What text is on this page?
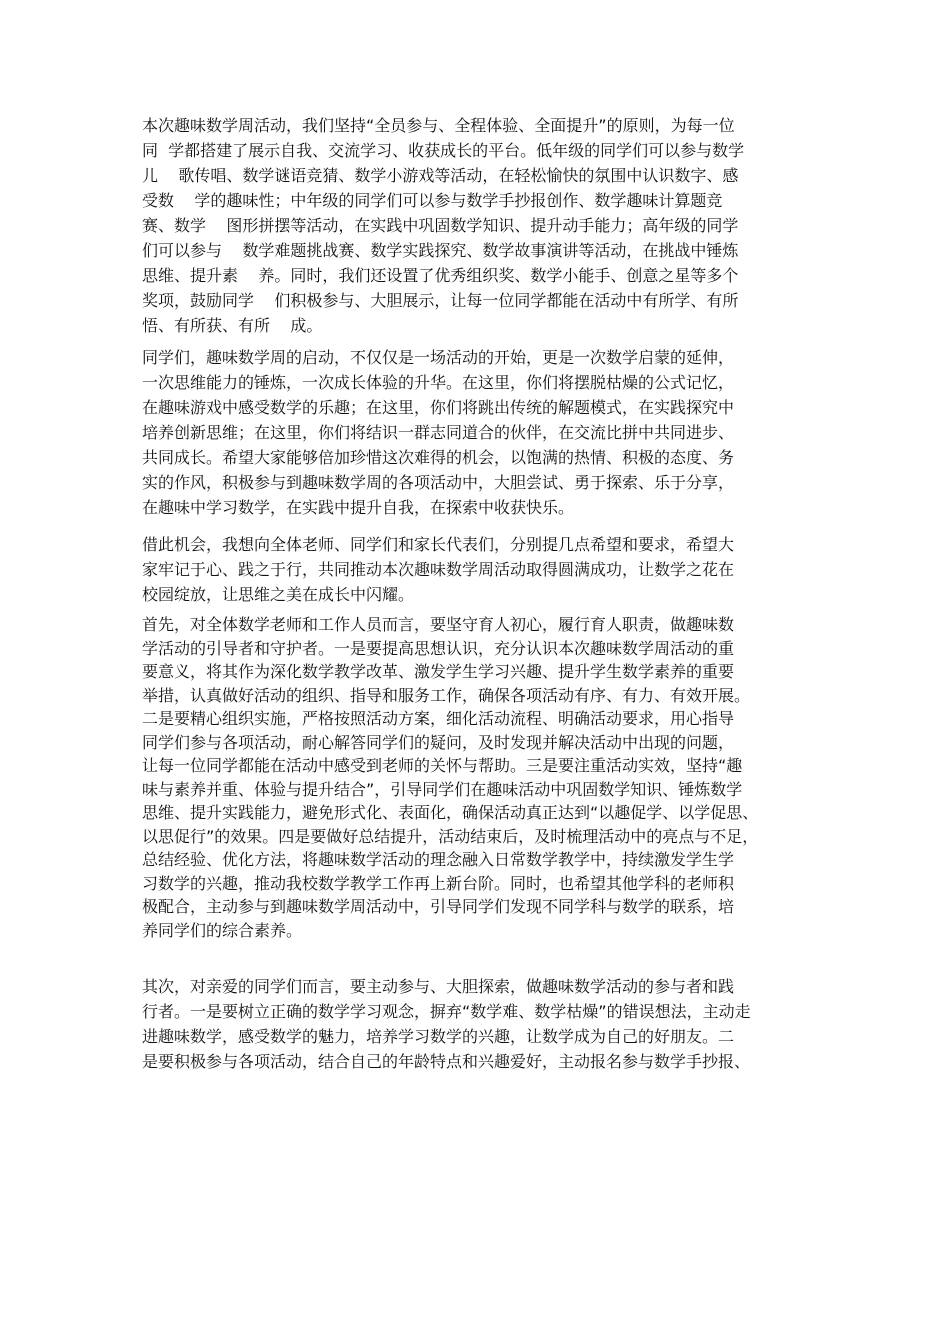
本次趣味数学周活动，我们坚持“全员参与、全程体验、全面提升”的原则，为每一位
同  学都搭建了展示自我、交流学习、收获成长的平台。低年级的同学们可以参与数学
儿    歌传唱、数学谜语竞猜、数学小游戏等活动，在轻松愉快的氛围中认识数字、感
受数    学的趣味性；中年级的同学们可以参与数学手抄报创作、数学趣味计算题竞
赛、数学    图形拼摆等活动，在实践中巩固数学知识、提升动手能力；高年级的同学
们可以参与    数学难题挑战赛、数学实践探究、数学故事演讲等活动，在挑战中锤炼
思维、提升素    养。同时，我们还设置了优秀组织奖、数学小能手、创意之星等多个
奖项，鼓励同学    们积极参与、大胆展示，让每一位同学都能在活动中有所学、有所
悟、有所获、有所    成。
同学们，趣味数学周的启动，不仅仅是一场活动的开始，更是一次数学启蒙的延伸，
一次思维能力的锤炼，一次成长体验的升华。在这里，你们将摆脱枯燥的公式记忆，
在趣味游戏中感受数学的乐趣；在这里，你们将跳出传统的解题模式，在实践探究中
培养创新思维；在这里，你们将结识一群志同道合的伙伴，在交流比拼中共同进步、
共同成长。希望大家能够倍加珍惜这次难得的机会，以饱满的热情、积极的态度、务
实的作风，积极参与到趣味数学周的各项活动中，大胆尝试、勇于探索、乐于分享，
在趣味中学习数学，在实践中提升自我，在探索中收获快乐。
借此机会，我想向全体老师、同学们和家长代表们，分别提几点希望和要求，希望大
家牢记于心、践之于行，共同推动本次趣味数学周活动取得圆满成功，让数学之花在
校园绽放，让思维之美在成长中闪耀。
首先，对全体数学老师和工作人员而言，要坚守育人初心，履行育人职责，做趣味数
学活动的引导者和守护者。一是要提高思想认识，充分认识本次趣味数学周活动的重
要意义，将其作为深化数学教学改革、激发学生学习兴趣、提升学生数学素养的重要
举措，认真做好活动的组织、指导和服务工作，确保各项活动有序、有力、有效开展。
二是要精心组织实施，严格按照活动方案，细化活动流程、明确活动要求，用心指导
同学们参与各项活动，耐心解答同学们的疑问，及时发现并解决活动中出现的问题，
让每一位同学都能在活动中感受到老师的关怀与帮助。三是要注重活动实效，坚持“趣
味与素养并重、体验与提升结合”，引导同学们在趣味活动中巩固数学知识、锤炼数学
思维、提升实践能力，避免形式化、表面化，确保活动真正达到“以趣促学、以学促思、
以思促行”的效果。四是要做好总结提升，活动结束后，及时梳理活动中的亮点与不足，
总结经验、优化方法，将趣味数学活动的理念融入日常数学教学中，持续激发学生学
习数学的兴趣，推动我校数学教学工作再上新台阶。同时，也希望其他学科的老师积
极配合，主动参与到趣味数学周活动中，引导同学们发现不同学科与数学的联系，培
养同学们的综合素养。
其次，对亲爱的同学们而言，要主动参与、大胆探索，做趣味数学活动的参与者和践
行者。一是要树立正确的数学学习观念，摒弃“数学难、数学枯燥”的错误想法，主动走
进趣味数学，感受数学的魅力，培养学习数学的兴趣，让数学成为自己的好朋友。二
是要积极参与各项活动，结合自己的年龄特点和兴趣爱好，主动报名参与数学手抄报、
